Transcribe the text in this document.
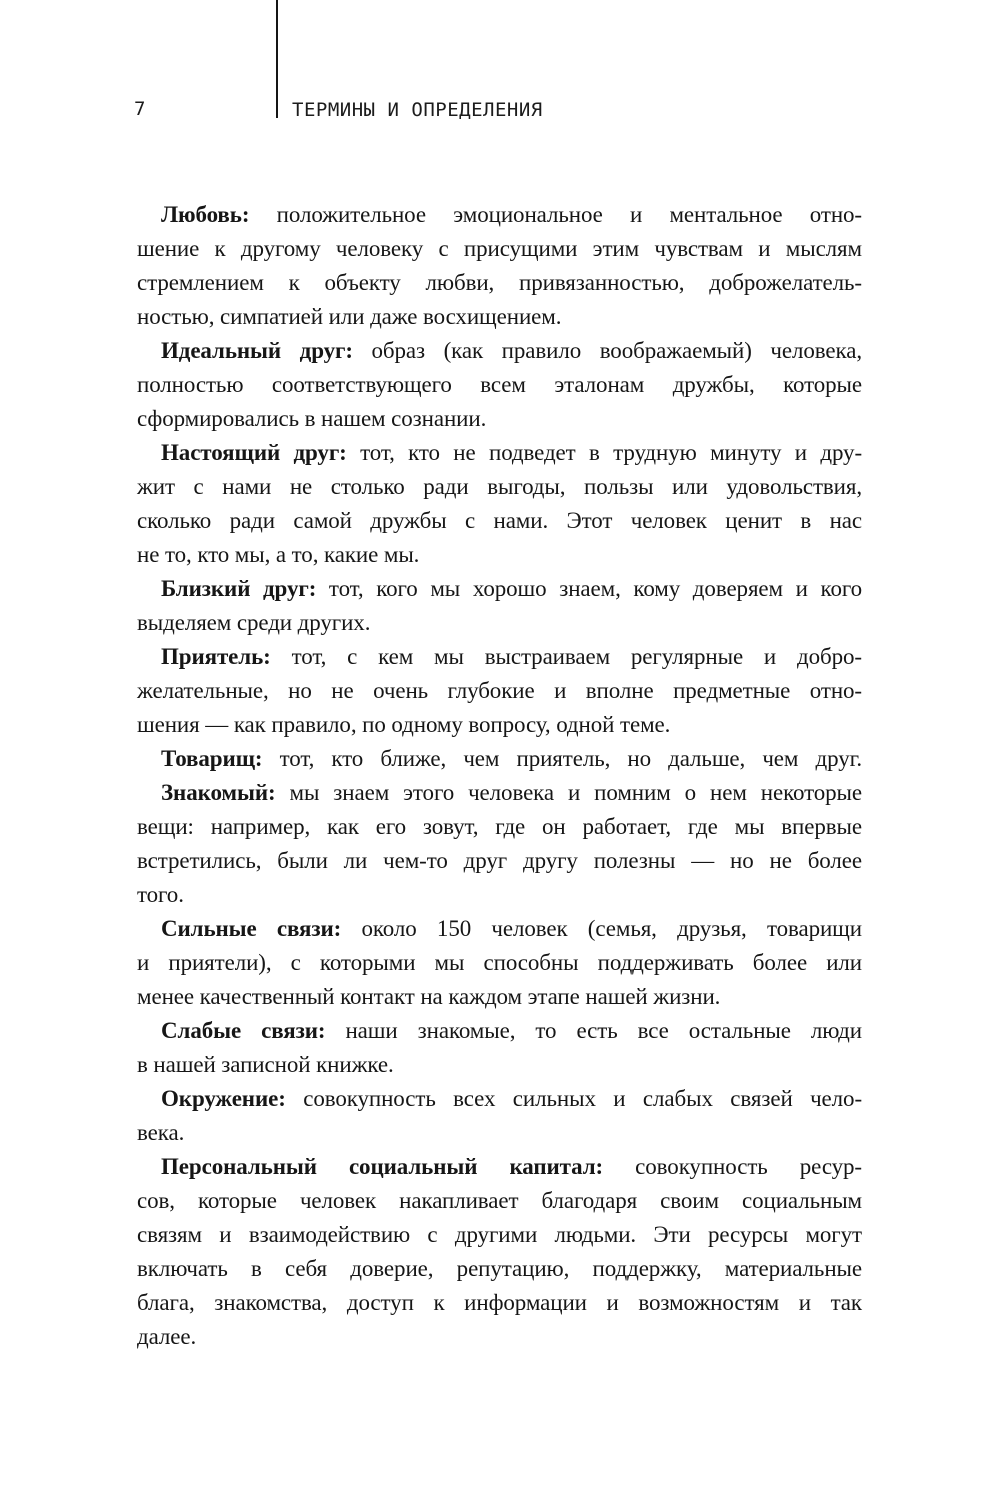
7	ТЕРМИНЫ И ОПРЕДЕЛЕНИЯ
Любовь: положительное эмоциональное и ментальное отно-
шение к другому человеку с присущими этим чувствам и мыслям
стремлением к объекту любви, привязанностью, доброжелатель-
ностью, симпатией или даже восхищением.
Идеальный друг: образ (как правило воображаемый) человека,
полностью соответствующего всем эталонам дружбы, которые
сформировались в нашем сознании.
Настоящий друг: тот, кто не подведет в трудную минуту и дру-
жит с нами не столько ради выгоды, пользы или удовольствия,
сколько ради самой дружбы с нами. Этот человек ценит в нас
не то, кто мы, а то, какие мы.
Близкий друг: тот, кого мы хорошо знаем, кому доверяем и кого
выделяем среди других.
Приятель: тот, с кем мы выстраиваем регулярные и добро-
желательные, но не очень глубокие и вполне предметные отно-
шения — как правило, по одному вопросу, одной теме.
Товарищ: тот, кто ближе, чем приятель, но дальше, чем друг.
Знакомый: мы знаем этого человека и помним о нем некоторые
вещи: например, как его зовут, где он работает, где мы впервые
встретились, были ли чем-то друг другу полезны — но не более
того.
Сильные связи: около 150 человек (семья, друзья, товарищи
и приятели), с которыми мы способны поддерживать более или
менее качественный контакт на каждом этапе нашей жизни.
Слабые связи: наши знакомые, то есть все остальные люди
в нашей записной книжке.
Окружение: совокупность всех сильных и слабых связей чело-
века.
Персональный социальный капитал: совокупность ресур-
сов, которые человек накапливает благодаря своим социальным
связям и взаимодействию с другими людьми. Эти ресурсы могут
включать в себя доверие, репутацию, поддержку, материальные
блага, знакомства, доступ к информации и возможностям и так
далее.
